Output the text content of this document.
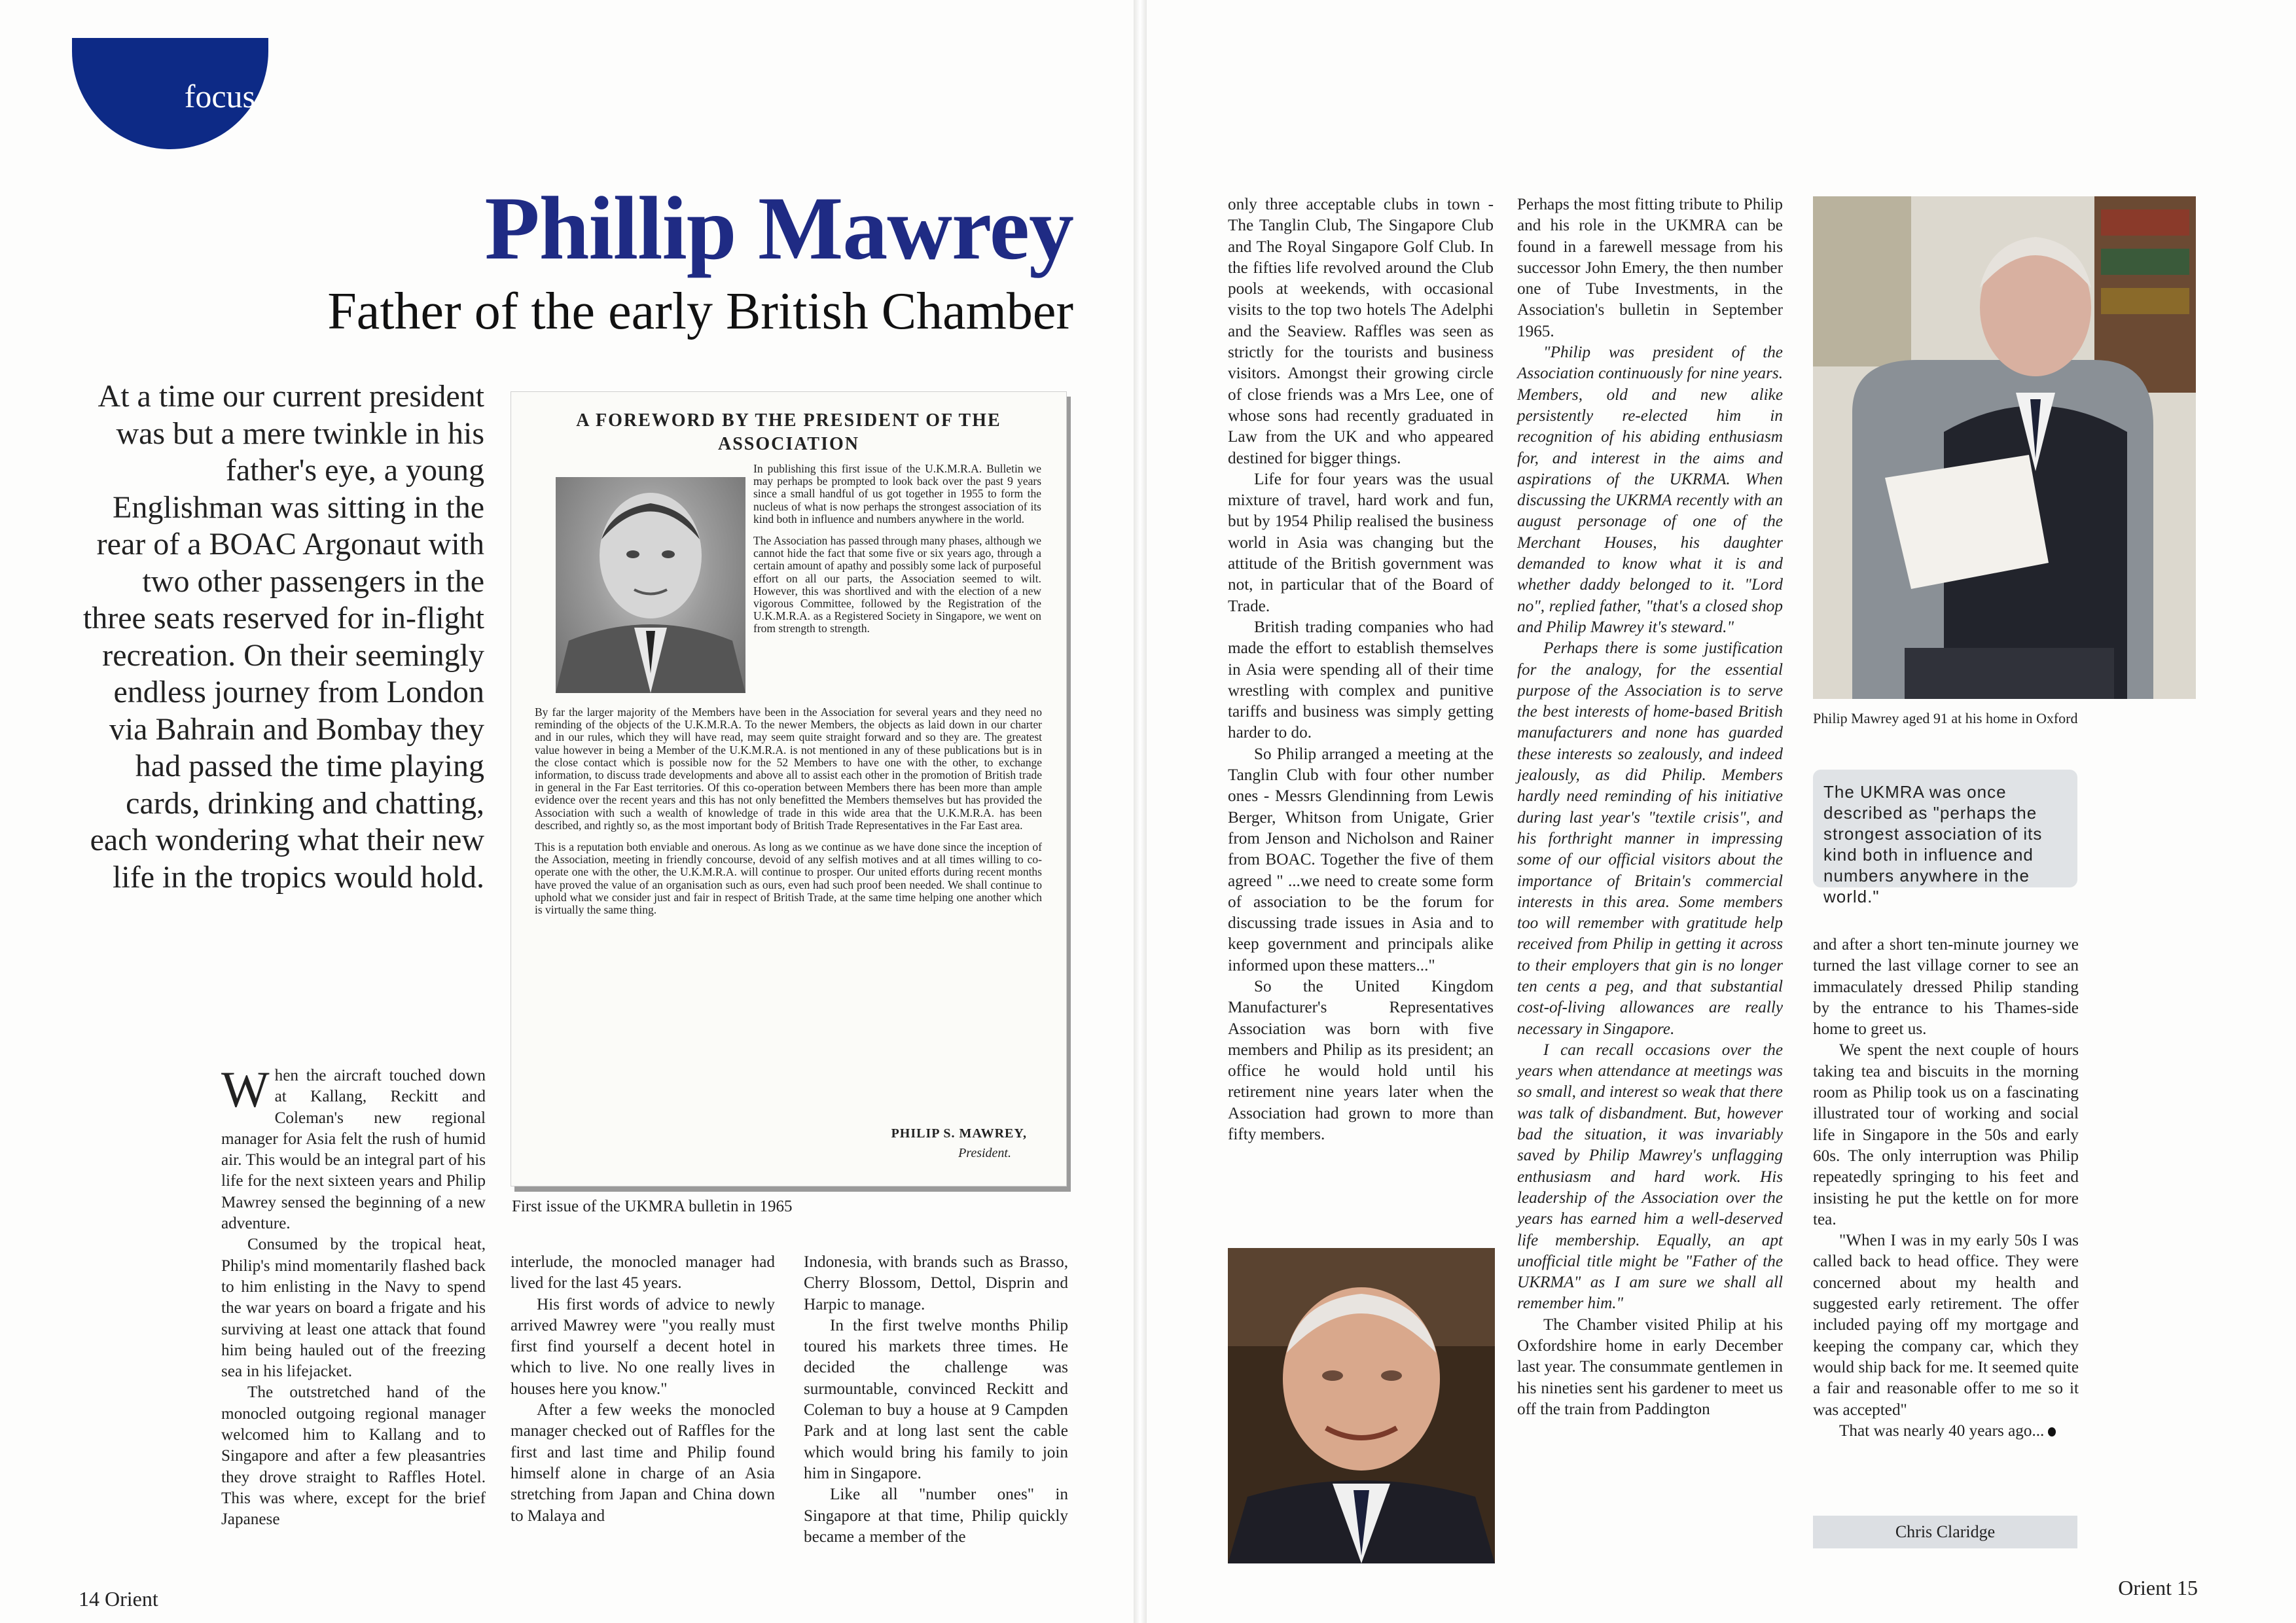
focus
Phillip Mawrey
Father of the early British Chamber
At a time our current president was but a mere twinkle in his father's eye, a young Englishman was sitting in the rear of a BOAC Argonaut with two other passengers in the three seats reserved for in-flight recreation. On their seemingly endless journey from London via Bahrain and Bombay they had passed the time playing cards, drinking and chatting, each wondering what their new life in the tropics would hold.
A FOREWORD BY THE PRESIDENT OF THE ASSOCIATION

In publishing this first issue of the U.K.M.R.A. Bulletin we may perhaps be prompted to look back over the past 9 years since a small handful of us got together in 1955 to form the nucleus of what is now perhaps the strongest association of its kind both in influence and numbers anywhere in the world.

The Association has passed through many phases, although we cannot hide the fact that some five or six years ago, through a certain amount of apathy and possibly some lack of purposeful effort on all our parts, the Association seemed to wilt. However, this was shortlived and with the election of a new vigorous Committee, followed by the Registration of the U.K.M.R.A. as a Registered Society in Singapore, we went on from strength to strength.

By far the larger majority of the Members have been in the Association for several years and they need no reminding of the objects of the U.K.M.R.A. To the newer Members, the objects as laid down in our charter and in our rules, which they will have read, may seem quite straight forward and so they are. The greatest value however in being a Member of the U.K.M.R.A. is not mentioned in any of these publications but is in the close contact which is possible now for the 52 Members to have one with the other, to exchange information, to discuss trade developments and above all to assist each other in the promotion of British trade in general in the Far East territories. Of this co-operation between Members there has been more than ample evidence over the recent years and this has not only benefitted the Members themselves but has provided the Association with such a wealth of knowledge of trade in this wide area that the U.K.M.R.A. has been described, and rightly so, as the most important body of British Trade Representatives in the Far East area.

This is a reputation both enviable and onerous. As long as we continue as we have done since the inception of the Association, meeting in friendly concourse, devoid of any selfish motives and at all times willing to co-operate one with the other, the U.K.M.R.A. will continue to prosper. Our united efforts during recent months have proved the value of an organisation such as ours, even had such proof been needed. We shall continue to uphold what we consider just and fair in respect of British Trade, at the same time helping one another which is virtually the same thing.

PHILIP S. MAWREY,
President.
First issue of the UKMRA bulletin in 1965

When the aircraft touched down at Kallang, Reckitt and Coleman's new regional manager for Asia felt the rush of humid air. This would be an integral part of his life for the next sixteen years and Philip Mawrey sensed the beginning of a new adventure.

Consumed by the tropical heat, Philip's mind momentarily flashed back to him enlisting in the Navy to spend the war years on board a frigate and his surviving at least one attack that found him being hauled out of the freezing sea in his lifejacket.

The outstretched hand of the monocled outgoing regional manager welcomed him to Kallang and to Singapore and after a few pleasantries they drove straight to Raffles Hotel. This was where, except for the brief Japanese

interlude, the monocled manager had lived for the last 45 years.

His first words of advice to newly arrived Mawrey were "you really must first find yourself a decent hotel in which to live. No one really lives in houses here you know."

After a few weeks the monocled manager checked out of Raffles for the first and last time and Philip found himself alone in charge of an Asia stretching from Japan and China down to Malaya and

Indonesia, with brands such as Brasso, Cherry Blossom, Dettol, Disprin and Harpic to manage.

In the first twelve months Philip toured his markets three times. He decided the challenge was surmountable, convinced Reckitt and Coleman to buy a house at 9 Campden Park and at long last sent the cable which would bring his family to join him in Singapore.

Like all "number ones" in Singapore at that time, Philip quickly became a member of the

14 Orient

only three acceptable clubs in town - The Tanglin Club, The Singapore Club and The Royal Singapore Golf Club. In the fifties life revolved around the Club pools at weekends, with occasional visits to the top two hotels The Adelphi and the Seaview. Raffles was seen as strictly for the tourists and business visitors. Amongst their growing circle of close friends was a Mrs Lee, one of whose sons had recently graduated in Law from the UK and who appeared destined for bigger things.

Life for four years was the usual mixture of travel, hard work and fun, but by 1954 Philip realised the business world in Asia was changing but the attitude of the British government was not, in particular that of the Board of Trade.

British trading companies who had made the effort to establish themselves in Asia were spending all of their time wrestling with complex and punitive tariffs and business was simply getting harder to do.

So Philip arranged a meeting at the Tanglin Club with four other number ones - Messrs Glendinning from Lewis Berger, Whitson from Unigate, Grier from Jenson and Nicholson and Rainer from BOAC. Together the five of them agreed " ...we need to create some form of association to be the forum for discussing trade issues in Asia and to keep government and principals alike informed upon these matters..."

So the United Kingdom Manufacturer's Representatives Association was born with five members and Philip as its president; an office he would hold until his retirement nine years later when the Association had grown to more than fifty members.

Perhaps the most fitting tribute to Philip and his role in the UKMRA can be found in a farewell message from his successor John Emery, the then number one of Tube Investments, in the Association's bulletin in September 1965.

"Philip was president of the Association continuously for nine years. Members, old and new alike persistently re-elected him in recognition of his abiding enthusiasm for, and interest in the aims and aspirations of the UKRMA. When discussing the UKRMA recently with an august personage of one of the Merchant Houses, his daughter demanded to know what it is and whether daddy belonged to it. "Lord no", replied father, "that's a closed shop and Philip Mawrey it's steward."

Perhaps there is some justification for the analogy, for the essential purpose of the Association is to serve the best interests of home-based British manufacturers and none has guarded these interests so zealously, and indeed jealously, as did Philip. Members hardly need reminding of his initiative during last year's "textile crisis", and his forthright manner in impressing some of our official visitors about the importance of Britain's commercial interests in this area. Some members too will remember with gratitude help received from Philip in getting it across to their employers that gin is no longer ten cents a peg, and that substantial cost-of-living allowances are really necessary in Singapore.

I can recall occasions over the years when attendance at meetings was so small, and interest so weak that there was talk of disbandment. But, however bad the situation, it was invariably saved by Philip Mawrey's unflagging enthusiasm and hard work. His leadership of the Association over the years has earned him a well-deserved life membership. Equally, an apt unofficial title might be "Father of the UKRMA" as I am sure we shall all remember him."

The Chamber visited Philip at his Oxfordshire home in early December last year. The consummate gentlemen in his nineties sent his gardener to meet us off the train from Paddington

Philip Mawrey aged 91 at his home in Oxford
The UKMRA was once described as "perhaps the strongest association of its kind both in influence and numbers anywhere in the world."

and after a short ten-minute journey we turned the last village corner to see an immaculately dressed Philip standing by the entrance to his Thames-side home to greet us.

We spent the next couple of hours taking tea and biscuits in the morning room as Philip took us on a fascinating illustrated tour of working and social life in Singapore in the 50s and early 60s. The only interruption was Philip repeatedly springing to his feet and insisting he put the kettle on for more tea.

"When I was in my early 50s I was called back to head office. They were concerned about my health and suggested early retirement. The offer included paying off my mortgage and keeping the company car, which they would ship back for me. It seemed quite a fair and reasonable offer to me so it was accepted"

That was nearly 40 years ago...

Chris Claridge
Orient 15
